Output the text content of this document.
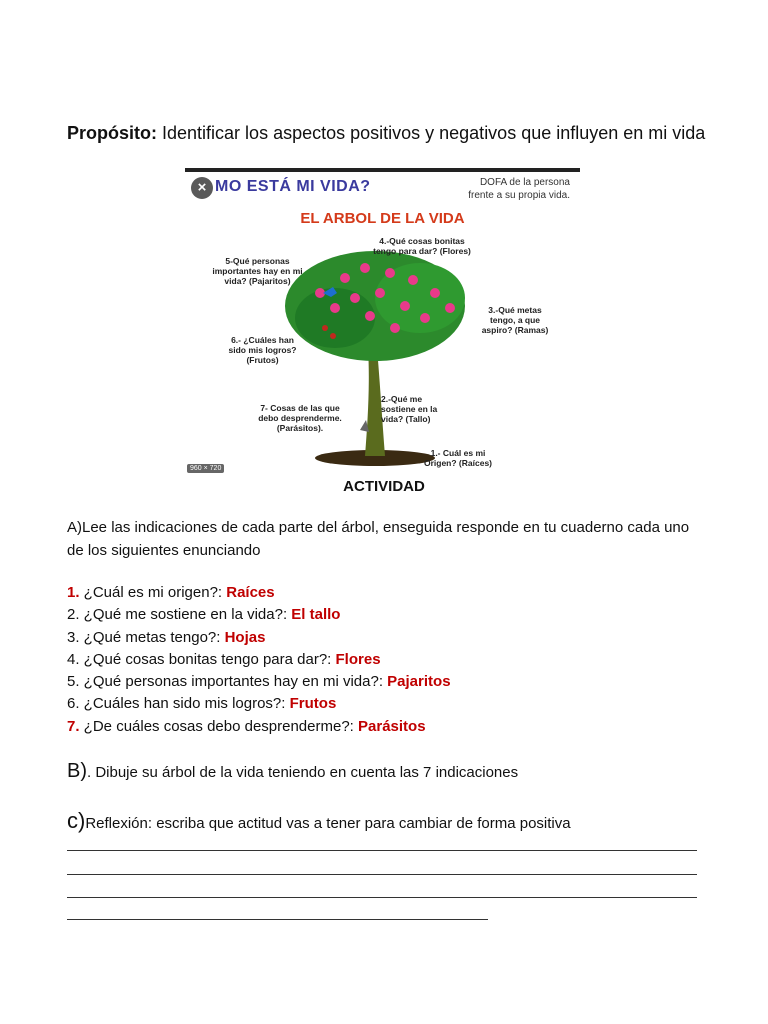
Propósito: Identificar los aspectos positivos y negativos que influyen en mi vida
× MO ESTÁ MI VIDA?	DOFA de la persona
frente a su propia vida.
EL ARBOL DE LA VIDA
4.-Qué cosas bonitas tengo para dar? (Flores)
5-Qué personas importantes hay en mi vida? (Pajaritos)
3.-Qué metas tengo, a que aspiro? (Ramas)
6.- ¿Cuáles han sido mis logros? (Frutos)
2.-Qué me sostiene en la vida? (Tallo)
7- Cosas de las que debo desprenderme. (Parásitos).
1.- Cuál es mi Origen? (Raíces)
960 × 720
ACTIVIDAD
A)Lee las indicaciones de cada parte del árbol, enseguida responde en tu cuaderno cada uno de los siguientes enunciando
1. ¿Cuál es mi origen?: Raíces
2. ¿Qué me sostiene en la vida?: El tallo
3. ¿Qué metas tengo?: Hojas
4. ¿Qué cosas bonitas tengo para dar?: Flores
5. ¿Qué personas importantes hay en mi vida?: Pajaritos
6. ¿Cuáles han sido mis logros?: Frutos
7. ¿De cuáles cosas debo desprenderme?: Parásitos
B). Dibuje su árbol de la vida teniendo en cuenta las 7 indicaciones
c)Reflexión: escriba que actitud vas a tener para cambiar de forma positiva
